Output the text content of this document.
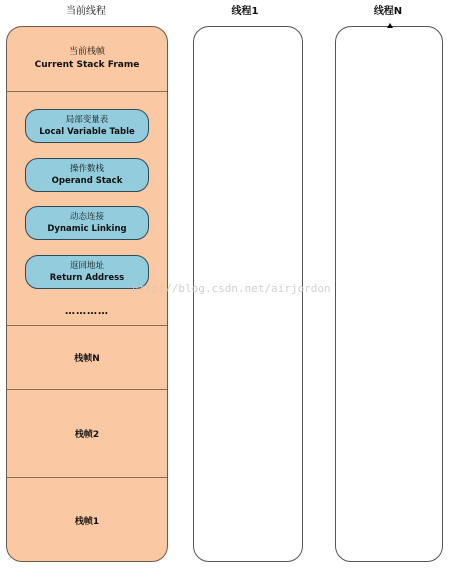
当前线程	线程1	线程N
当前栈帧
Current Stack Frame
局部变量表
Local Variable Table
操作数栈
Operand Stack
动态连接
Dynamic Linking
返回地址
Return Address
…………
栈帧N
栈帧2
栈帧1
http://blog.csdn.net/airjordon
